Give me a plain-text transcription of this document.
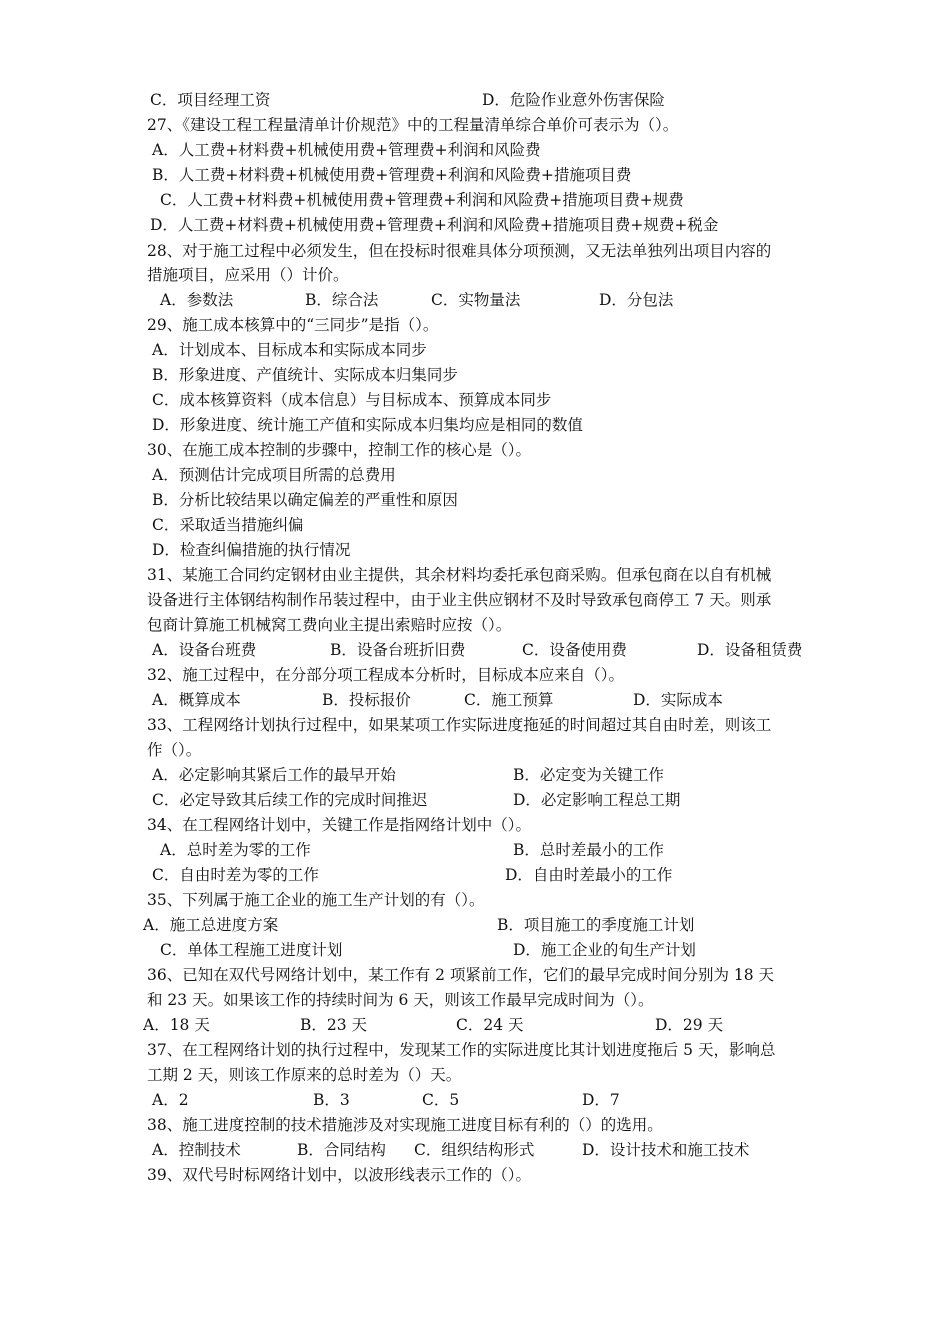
C．项目经理工资	D．危险作业意外伤害保险
27、《建设工程工程量清单计价规范》中的工程量清单综合单价可表示为（）。
A．人工费+材料费+机械使用费+管理费+利润和风险费
B．人工费+材料费+机械使用费+管理费+利润和风险费+措施项目费
C．人工费+材料费+机械使用费+管理费+利润和风险费+措施项目费+规费
D．人工费+材料费+机械使用费+管理费+利润和风险费+措施项目费+规费+税金
28、对于施工过程中必须发生，但在投标时很难具体分项预测，又无法单独列出项目内容的
措施项目，应采用（）计价。
A．参数法	B．综合法	C．实物量法	D．分包法
29、施工成本核算中的“三同步”是指（）。
A．计划成本、目标成本和实际成本同步
B．形象进度、产值统计、实际成本归集同步
C．成本核算资料（成本信息）与目标成本、预算成本同步
D．形象进度、统计施工产值和实际成本归集均应是相同的数值
30、在施工成本控制的步骤中，控制工作的核心是（）。
A．预测估计完成项目所需的总费用
B．分析比较结果以确定偏差的严重性和原因
C．采取适当措施纠偏
D．检查纠偏措施的执行情况
31、某施工合同约定钢材由业主提供，其余材料均委托承包商采购。但承包商在以自有机械
设备进行主体钢结构制作吊装过程中，由于业主供应钢材不及时导致承包商停工 7 天。则承
包商计算施工机械窝工费向业主提出索赔时应按（）。
A．设备台班费	B．设备台班折旧费	C．设备使用费	D．设备租赁费
32、施工过程中，在分部分项工程成本分析时，目标成本应来自（）。
A．概算成本	B．投标报价	C．施工预算	D．实际成本
33、工程网络计划执行过程中，如果某项工作实际进度拖延的时间超过其自由时差，则该工
作（）。
A．必定影响其紧后工作的最早开始	B．必定变为关键工作
C．必定导致其后续工作的完成时间推迟	D．必定影响工程总工期
34、在工程网络计划中，关键工作是指网络计划中（）。
A．总时差为零的工作	B．总时差最小的工作
C．自由时差为零的工作	D．自由时差最小的工作
35、下列属于施工企业的施工生产计划的有（）。
A．施工总进度方案	B．项目施工的季度施工计划
C．单体工程施工进度计划	D．施工企业的旬生产计划
36、已知在双代号网络计划中，某工作有 2 项紧前工作，它们的最早完成时间分别为 18 天
和 23 天。如果该工作的持续时间为 6 天，则该工作最早完成时间为（）。
A．18 天	B．23 天	C．24 天	D．29 天
37、在工程网络计划的执行过程中，发现某工作的实际进度比其计划进度拖后 5 天，影响总
工期 2 天，则该工作原来的总时差为（）天。
A．2	B．3	C．5	D．7
38、施工进度控制的技术措施涉及对实现施工进度目标有利的（）的选用。
A．控制技术	B．合同结构 C．组织结构形式	D．设计技术和施工技术
39、双代号时标网络计划中，以波形线表示工作的（）。
